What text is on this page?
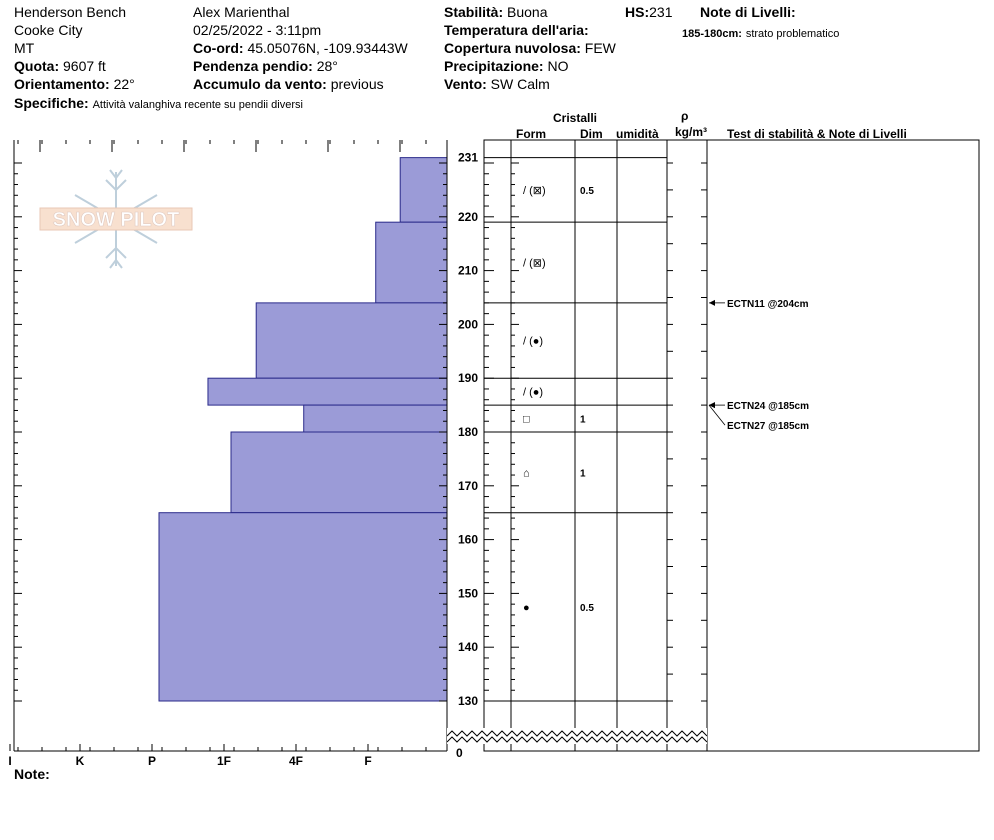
Henderson Bench
Cooke City
MT
Quota: 9607 ft
Orientamento: 22°
Specifiche: Attività valanghiva recente su pendii diversi
Alex Marienthal
02/25/2022 - 3:11pm
Co-ord: 45.05076N, -109.93443W
Pendenza pendio: 28°
Accumulo da vento: previous
Stabilità: Buona	HS:231
Temperatura dell'aria:
Copertura nuvolosa: FEW
Precipitazione: NO
Vento: SW Calm
Note di Livelli:
185-180cm: strato problematico
Cristalli
Form	Dim umidità
ρ
kg/m³ Test di stabilità & Note di Livelli
SNOW PILOT
I	K	P	1F	4F	F
130
140
150
160
170
180
190
200
210
220
231
0
/ (⊠)	0.5
/ (⊠)
/ (●)
/ (●)
□	1
⌂	1
●	0.5
ECTN11 @204cm
ECTN24 @185cm
ECTN27 @185cm
Note:
